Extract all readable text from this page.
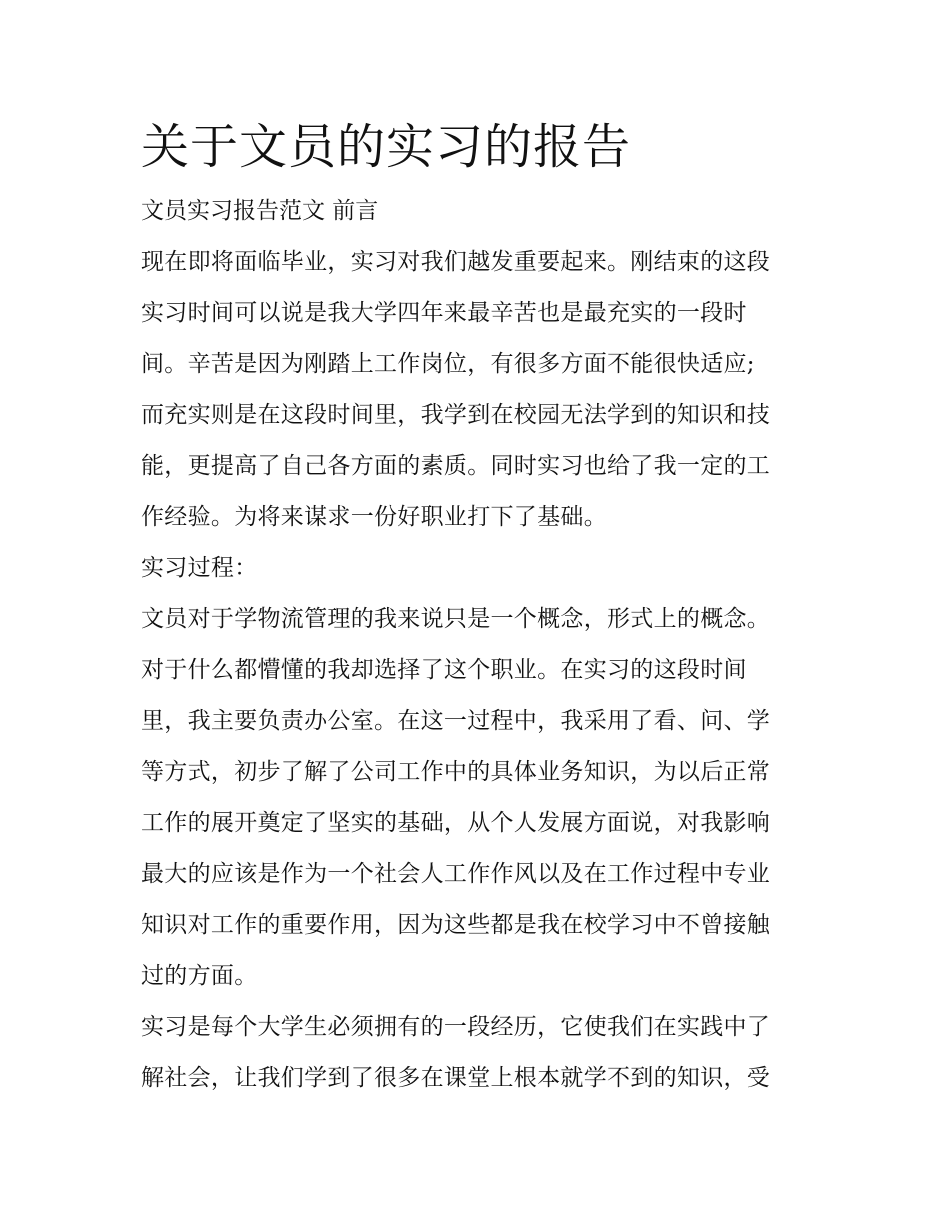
关于文员的实习的报告

文员实习报告范文 前言

现在即将面临毕业，实习对我们越发重要起来。刚结束的这段
实习时间可以说是我大学四年来最辛苦也是最充实的一段时
间。辛苦是因为刚踏上工作岗位，有很多方面不能很快适应;
而充实则是在这段时间里，我学到在校园无法学到的知识和技
能，更提高了自己各方面的素质。同时实习也给了我一定的工
作经验。为将来谋求一份好职业打下了基础。
实习过程：
文员对于学物流管理的我来说只是一个概念，形式上的概念。
对于什么都懵懂的我却选择了这个职业。在实习的这段时间
里，我主要负责办公室。在这一过程中，我采用了看、问、学
等方式，初步了解了公司工作中的具体业务知识，为以后正常
工作的展开奠定了坚实的基础，从个人发展方面说，对我影响
最大的应该是作为一个社会人工作作风以及在工作过程中专业
知识对工作的重要作用，因为这些都是我在校学习中不曾接触
过的方面。
实习是每个大学生必须拥有的一段经历，它使我们在实践中了
解社会，让我们学到了很多在课堂上根本就学不到的知识，受
